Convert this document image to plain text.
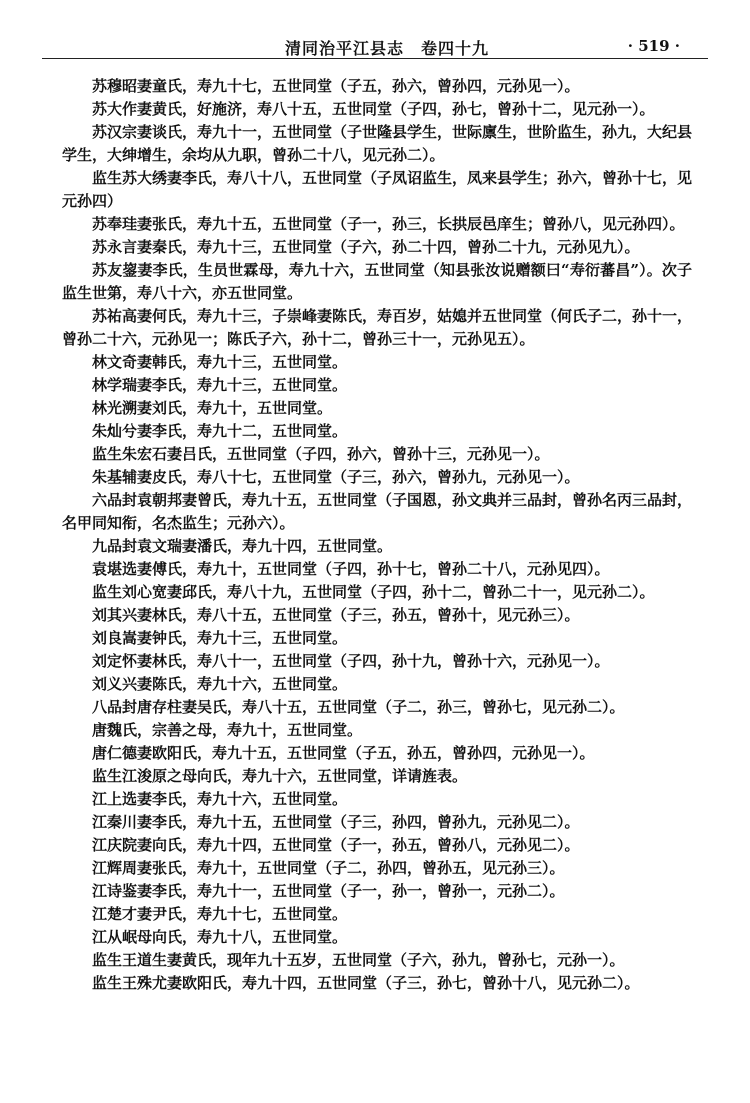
清同治平江县志　卷四十九	· 519 ·

苏穆昭妻童氏，寿九十七，五世同堂（子五，孙六，曾孙四，元孙见一）。

苏大作妻黄氏，好施济，寿八十五，五世同堂（子四，孙七，曾孙十二，见元孙一）。

苏汉宗妻谈氏，寿九十一，五世同堂（子世隆县学生，世际廪生，世阶监生，孙九，大纪县学生，大绅增生，余均从九职，曾孙二十八，见元孙二）。

监生苏大绣妻李氏，寿八十八，五世同堂（子凤诏监生，凤来县学生；孙六，曾孙十七，见元孙四）

苏奉珪妻张氏，寿九十五，五世同堂（子一，孙三，长拱辰邑庠生；曾孙八，见元孙四）。

苏永言妻秦氏，寿九十三，五世同堂（子六，孙二十四，曾孙二十九，元孙见九）。

苏友鋆妻李氏，生员世霖母，寿九十六，五世同堂（知县张汝说赠额曰“寿衍蕃昌”）。次子监生世第，寿八十六，亦五世同堂。

苏祐高妻何氏，寿九十三，子崇峰妻陈氏，寿百岁，姑媳并五世同堂（何氏子二，孙十一，曾孙二十六，元孙见一；陈氏子六，孙十二，曾孙三十一，元孙见五）。

林文奇妻韩氏，寿九十三，五世同堂。

林学瑞妻李氏，寿九十三，五世同堂。

林光溯妻刘氏，寿九十，五世同堂。

朱灿兮妻李氏，寿九十二，五世同堂。

监生朱宏石妻吕氏，五世同堂（子四，孙六，曾孙十三，元孙见一）。

朱基辅妻皮氏，寿八十七，五世同堂（子三，孙六，曾孙九，元孙见一）。

六品封袁朝邦妻曾氏，寿九十五，五世同堂（子国恩，孙文典并三品封，曾孙名丙三品封，名甲同知衔，名杰监生；元孙六）。

九品封袁文瑞妻潘氏，寿九十四，五世同堂。

袁堪选妻傅氏，寿九十，五世同堂（子四，孙十七，曾孙二十八，元孙见四）。

监生刘心宽妻邱氏，寿八十九，五世同堂（子四，孙十二，曾孙二十一，见元孙二）。

刘其兴妻林氏，寿八十五，五世同堂（子三，孙五，曾孙十，见元孙三）。

刘良嵩妻钟氏，寿九十三，五世同堂。

刘定怀妻林氏，寿八十一，五世同堂（子四，孙十九，曾孙十六，元孙见一）。

刘义兴妻陈氏，寿九十六，五世同堂。

八品封唐存柱妻吴氏，寿八十五，五世同堂（子二，孙三，曾孙七，见元孙二）。

唐魏氏，宗善之母，寿九十，五世同堂。

唐仁德妻欧阳氏，寿九十五，五世同堂（子五，孙五，曾孙四，元孙见一）。

监生江浚原之母向氏，寿九十六，五世同堂，详请旌表。

江上选妻李氏，寿九十六，五世同堂。

江秦川妻李氏，寿九十五，五世同堂（子三，孙四，曾孙九，元孙见二）。

江庆院妻向氏，寿九十四，五世同堂（子一，孙五，曾孙八，元孙见二）。

江辉周妻张氏，寿九十，五世同堂（子二，孙四，曾孙五，见元孙三）。

江诗鉴妻李氏，寿九十一，五世同堂（子一，孙一，曾孙一，元孙二）。

江楚才妻尹氏，寿九十七，五世同堂。

江从岷母向氏，寿九十八，五世同堂。

监生王道生妻黄氏，现年九十五岁，五世同堂（子六，孙九，曾孙七，元孙一）。

监生王殊尤妻欧阳氏，寿九十四，五世同堂（子三，孙七，曾孙十八，见元孙二）。
